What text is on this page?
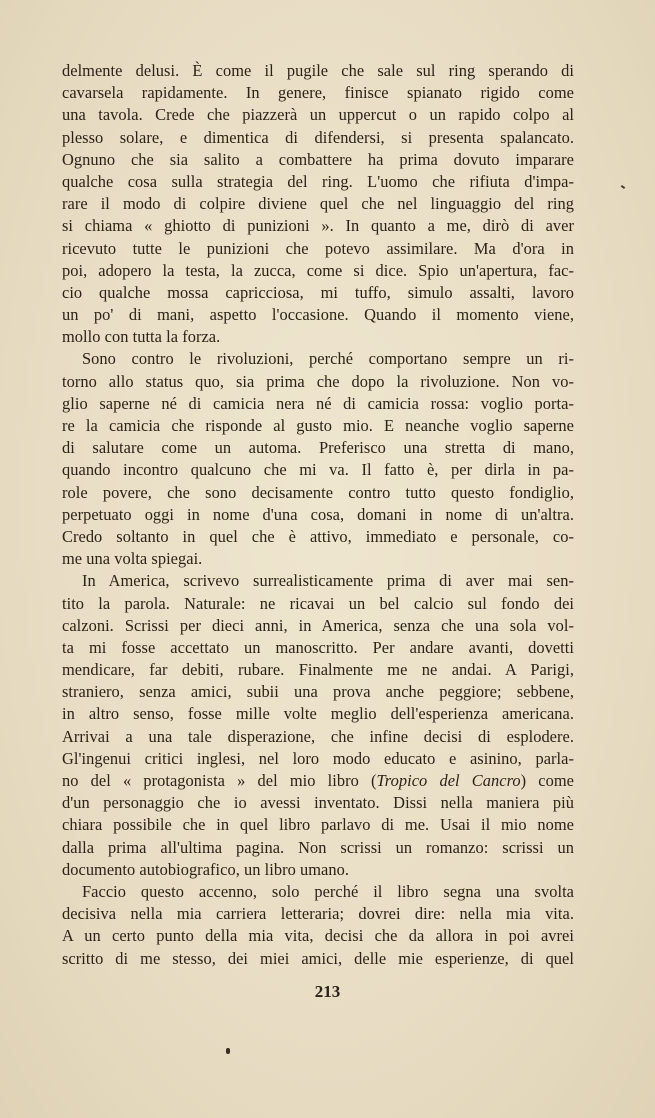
delmente delusi. È come il pugile che sale sul ring sperando di
cavarsela rapidamente. In genere, finisce spianato rigido come
una tavola. Crede che piazzerà un uppercut o un rapido colpo al
plesso solare, e dimentica di difendersi, si presenta spalancato.
Ognuno che sia salito a combattere ha prima dovuto imparare
qualche cosa sulla strategia del ring. L'uomo che rifiuta d'impa-
rare il modo di colpire diviene quel che nel linguaggio del ring
si chiama « ghiotto di punizioni ». In quanto a me, dirò di aver
ricevuto tutte le punizioni che potevo assimilare. Ma d'ora in
poi, adopero la testa, la zucca, come si dice. Spio un'apertura, fac-
cio qualche mossa capricciosa, mi tuffo, simulo assalti, lavoro
un po' di mani, aspetto l'occasione. Quando il momento viene,
mollo con tutta la forza.
Sono contro le rivoluzioni, perché comportano sempre un ri-
torno allo status quo, sia prima che dopo la rivoluzione. Non vo-
glio saperne né di camicia nera né di camicia rossa: voglio porta-
re la camicia che risponde al gusto mio. E neanche voglio saperne
di salutare come un automa. Preferisco una stretta di mano,
quando incontro qualcuno che mi va. Il fatto è, per dirla in pa-
role povere, che sono decisamente contro tutto questo fondiglio,
perpetuato oggi in nome d'una cosa, domani in nome di un'altra.
Credo soltanto in quel che è attivo, immediato e personale, co-
me una volta spiegai.
In America, scrivevo surrealisticamente prima di aver mai sen-
tito la parola. Naturale: ne ricavai un bel calcio sul fondo dei
calzoni. Scrissi per dieci anni, in America, senza che una sola vol-
ta mi fosse accettato un manoscritto. Per andare avanti, dovetti
mendicare, far debiti, rubare. Finalmente me ne andai. A Parigi,
straniero, senza amici, subii una prova anche peggiore; sebbene,
in altro senso, fosse mille volte meglio dell'esperienza americana.
Arrivai a una tale disperazione, che infine decisi di esplodere.
Gl'ingenui critici inglesi, nel loro modo educato e asinino, parla-
no del « protagonista » del mio libro (Tropico del Cancro) come
d'un personaggio che io avessi inventato. Dissi nella maniera più
chiara possibile che in quel libro parlavo di me. Usai il mio nome
dalla prima all'ultima pagina. Non scrissi un romanzo: scrissi un
documento autobiografico, un libro umano.
Faccio questo accenno, solo perché il libro segna una svolta
decisiva nella mia carriera letteraria; dovrei dire: nella mia vita.
A un certo punto della mia vita, decisi che da allora in poi avrei
scritto di me stesso, dei miei amici, delle mie esperienze, di quel
213
